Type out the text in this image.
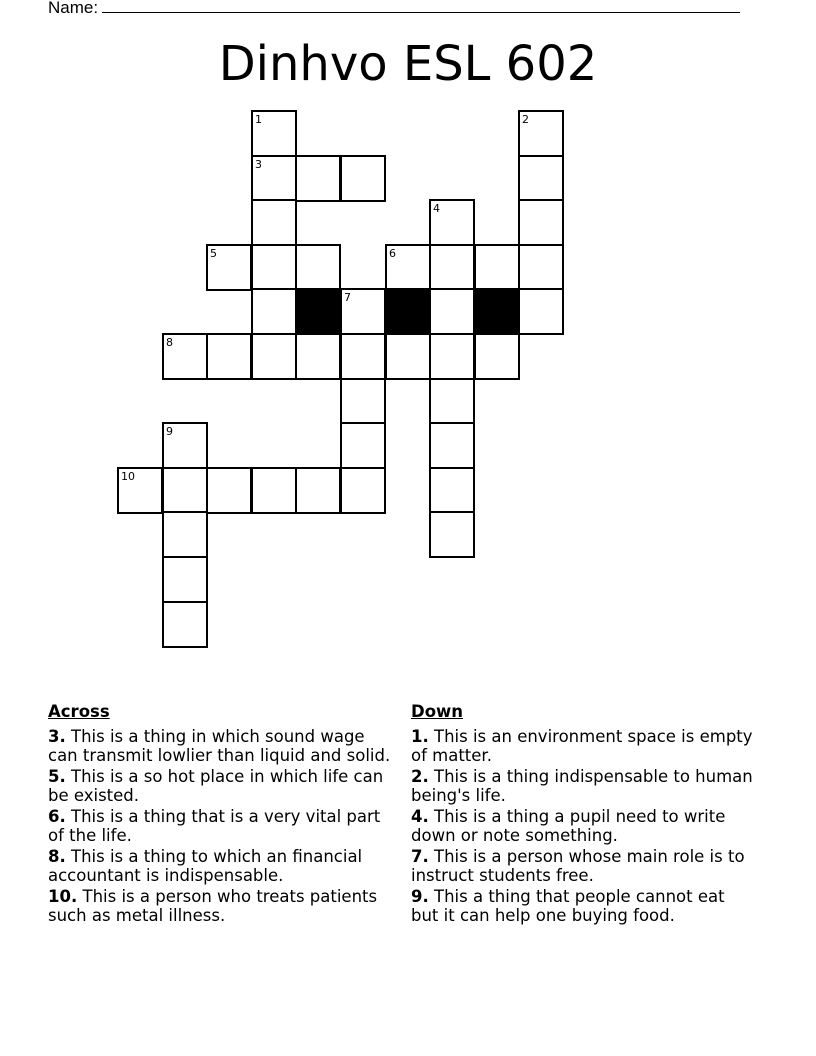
Name:
Dinhvo ESL 602
1	2
3
4
5	6
7
8
9
10
Across
3. This is a thing in which sound wage can transmit lowlier than liquid and solid.
5. This is a so hot place in which life can be existed.
6. This is a thing that is a very vital part of the life.
8. This is a thing to which an financial accountant is indispensable.
10. This is a person who treats patients such as metal illness.
Down
1. This is an environment space is empty of matter.
2. This is a thing indispensable to human being's life.
4. This is a thing a pupil need to write down or note something.
7. This is a person whose main role is to instruct students free.
9. This a thing that people cannot eat but it can help one buying food.
